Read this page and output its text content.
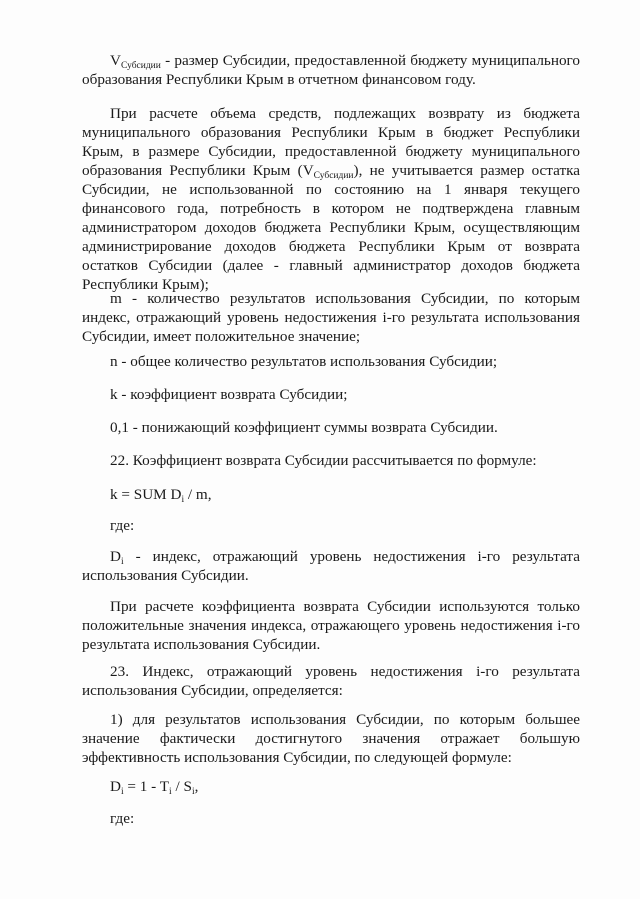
$V_{Субсидии}$ - размер Субсидии, предоставленной бюджету муниципального образования Республики Крым в отчетном финансовом году.

При расчете объема средств, подлежащих возврату из бюджета муниципального образования Республики Крым в бюджет Республики Крым, в размере Субсидии, предоставленной бюджету муниципального образования Республики Крым $(V_{Субсидии})$, не учитывается размер остатка Субсидии, не использованной по состоянию на 1 января текущего финансового года, потребность в котором не подтверждена главным администратором доходов бюджета Республики Крым, осуществляющим администрирование доходов бюджета Республики Крым от возврата остатков Субсидии (далее - главный администратор доходов бюджета Республики Крым);

m - количество результатов использования Субсидии, по которым индекс, отражающий уровень недостижения i-го результата использования Субсидии, имеет положительное значение;

n - общее количество результатов использования Субсидии;

k - коэффициент возврата Субсидии;

0,1 - понижающий коэффициент суммы возврата Субсидии.

22. Коэффициент возврата Субсидии рассчитывается по формуле:

k = SUM $D_i$ / m,

где:

$D_i$ - индекс, отражающий уровень недостижения i-го результата использования Субсидии.

При расчете коэффициента возврата Субсидии используются только положительные значения индекса, отражающего уровень недостижения i-го результата использования Субсидии.

23. Индекс, отражающий уровень недостижения i-го результата использования Субсидии, определяется:

1) для результатов использования Субсидии, по которым большее значение фактически достигнутого значения отражает большую эффективность использования Субсидии, по следующей формуле:

$D_i = 1 - T_i / S_i$,

где:
